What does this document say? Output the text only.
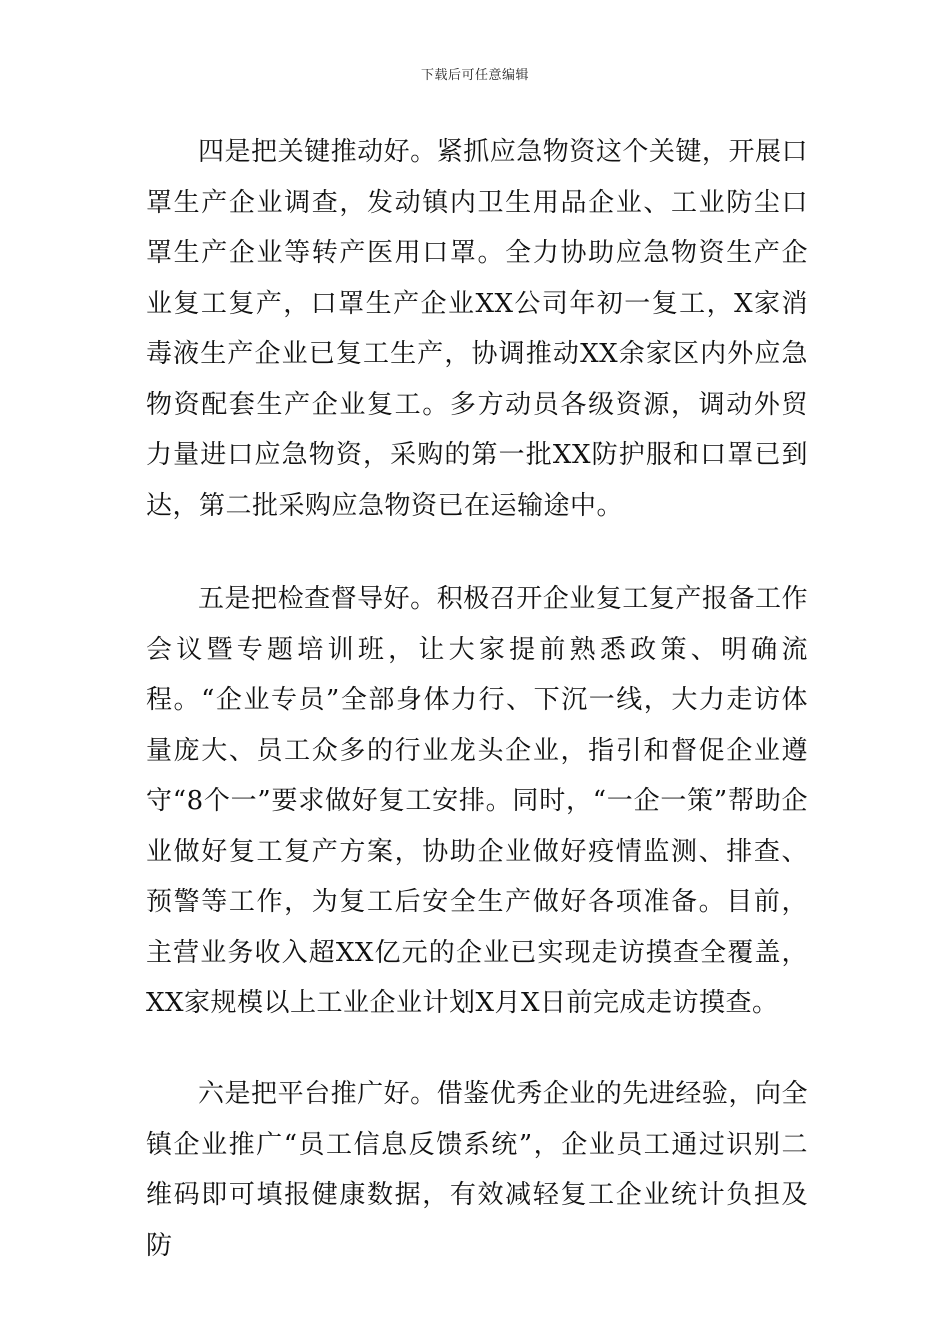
下载后可任意编辑

四是把关键推动好。紧抓应急物资这个关键，开展口罩生产企业调查，发动镇内卫生用品企业、工业防尘口罩生产企业等转产医用口罩。全力协助应急物资生产企业复工复产，口罩生产企业XX公司年初一复工，X家消毒液生产企业已复工生产，协调推动XX余家区内外应急物资配套生产企业复工。多方动员各级资源，调动外贸力量进口应急物资，采购的第一批XX防护服和口罩已到达，第二批采购应急物资已在运输途中。

五是把检查督导好。积极召开企业复工复产报备工作会议暨专题培训班，让大家提前熟悉政策、明确流程。“企业专员”全部身体力行、下沉一线，大力走访体量庞大、员工众多的行业龙头企业，指引和督促企业遵守“8个一”要求做好复工安排。同时，“一企一策”帮助企业做好复工复产方案，协助企业做好疫情监测、排查、预警等工作，为复工后安全生产做好各项准备。目前，主营业务收入超XX亿元的企业已实现走访摸查全覆盖，XX家规模以上工业企业计划X月X日前完成走访摸查。

六是把平台推广好。借鉴优秀企业的先进经验，向全镇企业推广“员工信息反馈系统”，企业员工通过识别二维码即可填报健康数据，有效减轻复工企业统计负担及防
